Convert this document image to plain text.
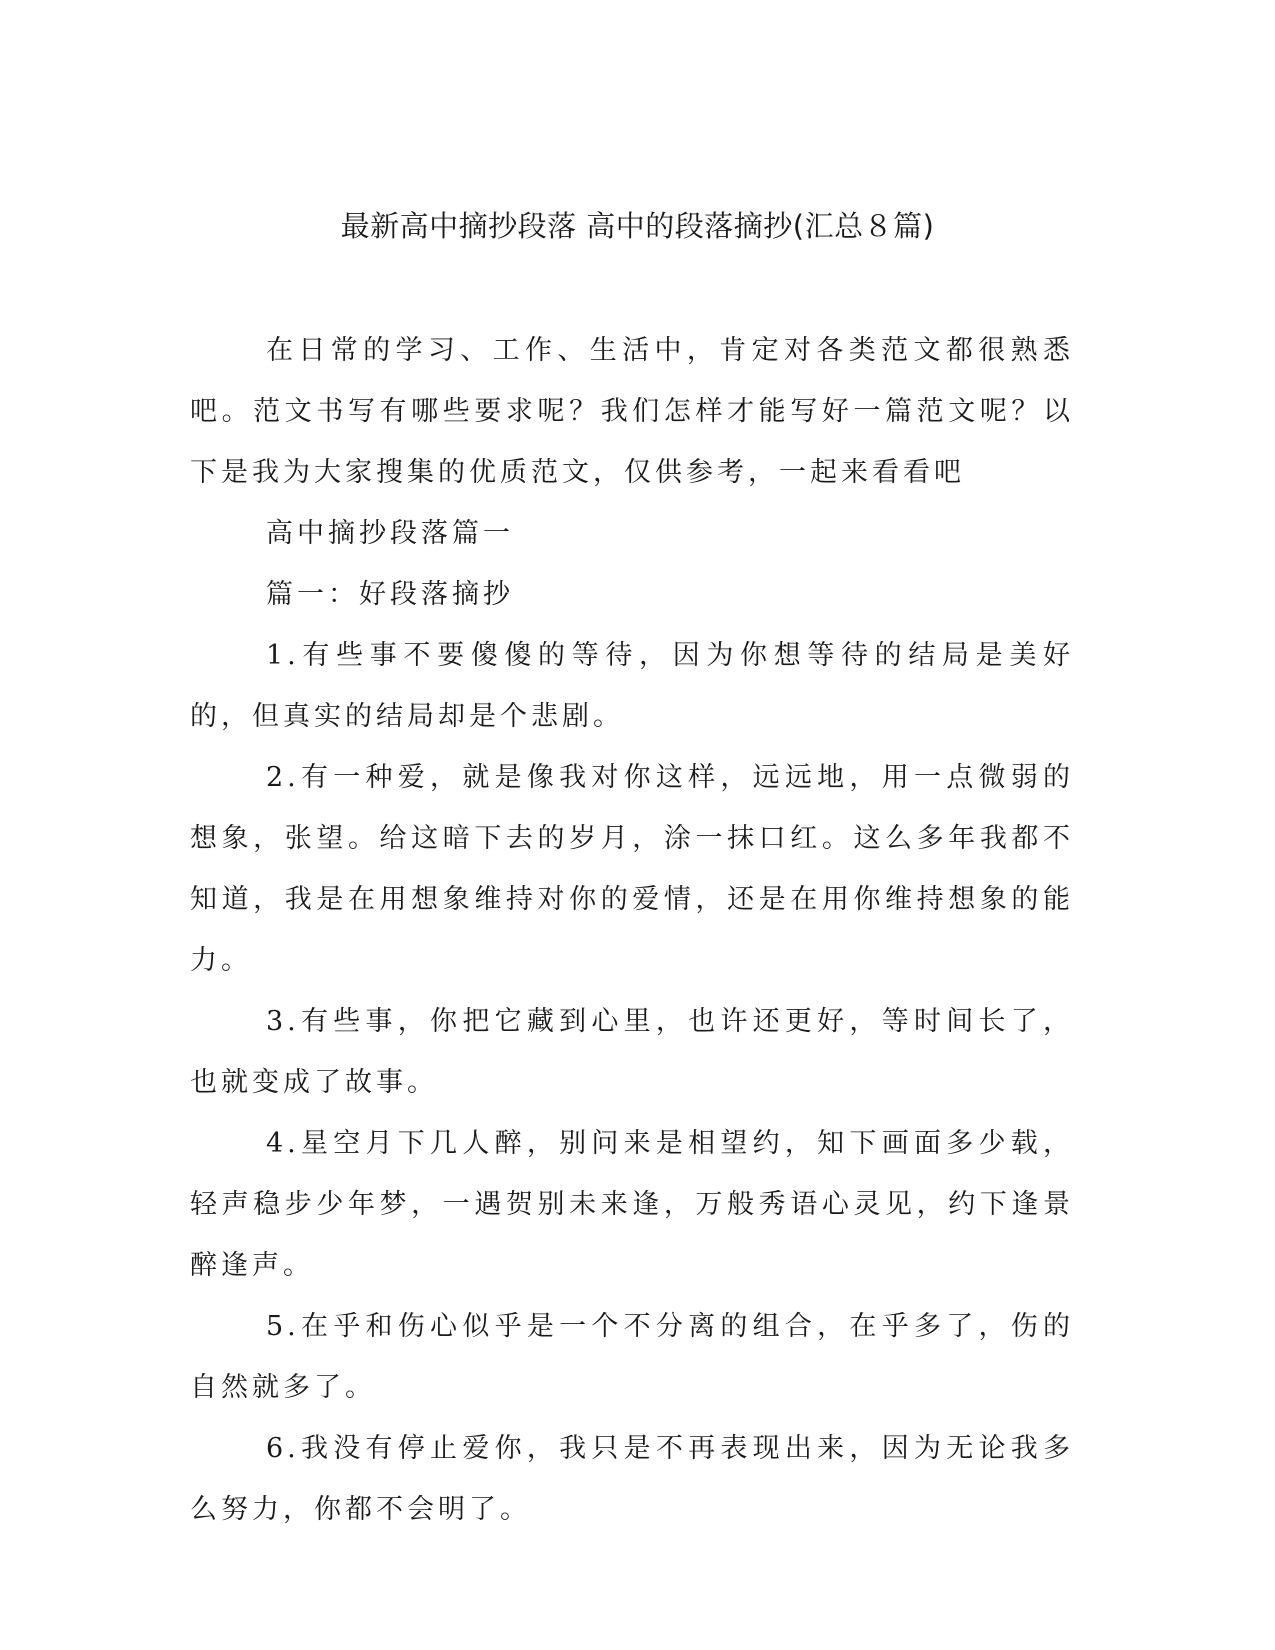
最新高中摘抄段落 高中的段落摘抄(汇总８篇)

在日常的学习、工作、生活中，肯定对各类范文都很熟悉吧。范文书写有哪些要求呢？我们怎样才能写好一篇范文呢？以下是我为大家搜集的优质范文，仅供参考，一起来看看吧

高中摘抄段落篇一

篇一：好段落摘抄

1.有些事不要傻傻的等待，因为你想等待的结局是美好的，但真实的结局却是个悲剧。

2.有一种爱，就是像我对你这样，远远地，用一点微弱的想象，张望。给这暗下去的岁月，涂一抹口红。这么多年我都不知道，我是在用想象维持对你的爱情，还是在用你维持想象的能力。

3.有些事，你把它藏到心里，也许还更好，等时间长了，也就变成了故事。

4.星空月下几人醉，别问来是相望约，知下画面多少载，轻声稳步少年梦，一遇贺别未来逢，万般秀语心灵见，约下逢景醉逢声。

5.在乎和伤心似乎是一个不分离的组合，在乎多了，伤的自然就多了。

6.我没有停止爱你，我只是不再表现出来，因为无论我多么努力，你都不会明了。
